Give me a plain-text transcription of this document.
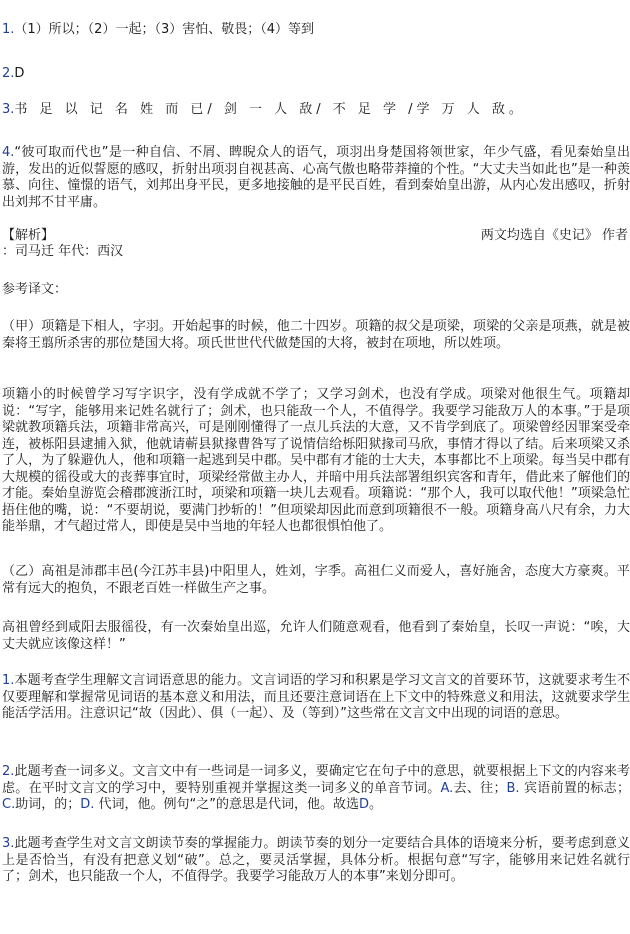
1.（1）所以；（2）一起；（3）害怕、敬畏；（4）等到
2.D
3.书 足 以 记 名 姓 而 已/ 剑 一 人 敌/ 不 足 学 /学 万 人 敌。
4.“彼可取而代也”是一种自信、不屑、睥睨众人的语气，项羽出身楚国将领世家，年少气盛，看见秦始皇出游，发出的近似誓愿的感叹，折射出项羽自视甚高、心高气傲也略带莽撞的个性。“大丈夫当如此也”是一种羡慕、向往、憧憬的语气，刘邦出身平民，更多地接触的是平民百姓，看到秦始皇出游，从内心发出感叹，折射出刘邦不甘平庸。
【解析】	两文均选自《史记》 作者
：司马迁 年代：西汉
参考译文：
（甲）项籍是下相人，字羽。开始起事的时候，他二十四岁。项籍的叔父是项梁，项梁的父亲是项燕，就是被秦将王翦所杀害的那位楚国大将。项氏世世代代做楚国的大将，被封在项地，所以姓项。
项籍小的时候曾学习写字识字，没有学成就不学了；又学习剑术，也没有学成。项梁对他很生气。项籍却说：“写字，能够用来记姓名就行了；剑术，也只能敌一个人，不值得学。我要学习能敌万人的本事。”于是项梁就教项籍兵法，项籍非常高兴，可是刚刚懂得了一点儿兵法的大意，又不肯学到底了。项梁曾经因罪案受牵连，被栎阳县逮捕入狱，他就请蕲县狱掾曹咎写了说情信给栎阳狱掾司马欣，事情才得以了结。后来项梁又杀了人，为了躲避仇人，他和项籍一起逃到吴中郡。吴中郡有才能的士大夫，本事都比不上项梁。每当吴中郡有大规模的徭役或大的丧葬事宜时，项梁经常做主办人，并暗中用兵法部署组织宾客和青年，借此来了解他们的才能。秦始皇游览会稽郡渡浙江时，项梁和项籍一块儿去观看。项籍说：“那个人，我可以取代他！”项梁急忙捂住他的嘴，说：“不要胡说，要满门抄斩的！”但项梁却因此而意到项籍很不一般。项籍身高八尺有余，力大能举鼎，才气超过常人，即使是吴中当地的年轻人也都很惧怕他了。
（乙）高祖是沛郡丰邑(今江苏丰县)中阳里人，姓刘，字季。高祖仁义而爱人，喜好施舍，态度大方豪爽。平常有远大的抱负，不跟老百姓一样做生产之事。
高祖曾经到咸阳去服徭役，有一次秦始皇出巡，允许人们随意观看，他看到了秦始皇，长叹一声说：“唉，大丈夫就应该像这样！”
1.本题考查学生理解文言词语意思的能力。文言词语的学习和积累是学习文言文的首要环节，这就要求考生不仅要理解和掌握常见词语的基本意义和用法，而且还要注意词语在上下文中的特殊意义和用法，这就要求学生能活学活用。注意识记“故（因此）、俱（一起）、及（等到）”这些常在文言文中出现的词语的意思。
2.此题考查一词多义。文言文中有一些词是一词多义，要确定它在句子中的意思，就要根据上下文的内容来考虑。在平时文言文的学习中，要特别重视并掌握这类一词多义的单音节词。A.去、往；B. 宾语前置的标志；C.助词，的；D. 代词，他。例句“之”的意思是代词，他。故选D。
3.此题考查学生对文言文朗读节奏的掌握能力。朗读节奏的划分一定要结合具体的语境来分析，要考虑到意义上是否恰当，有没有把意义划“破”。总之，要灵活掌握，具体分析。根据句意“写字，能够用来记姓名就行了；剑术，也只能敌一个人，不值得学。我要学习能敌万人的本事”来划分即可。
